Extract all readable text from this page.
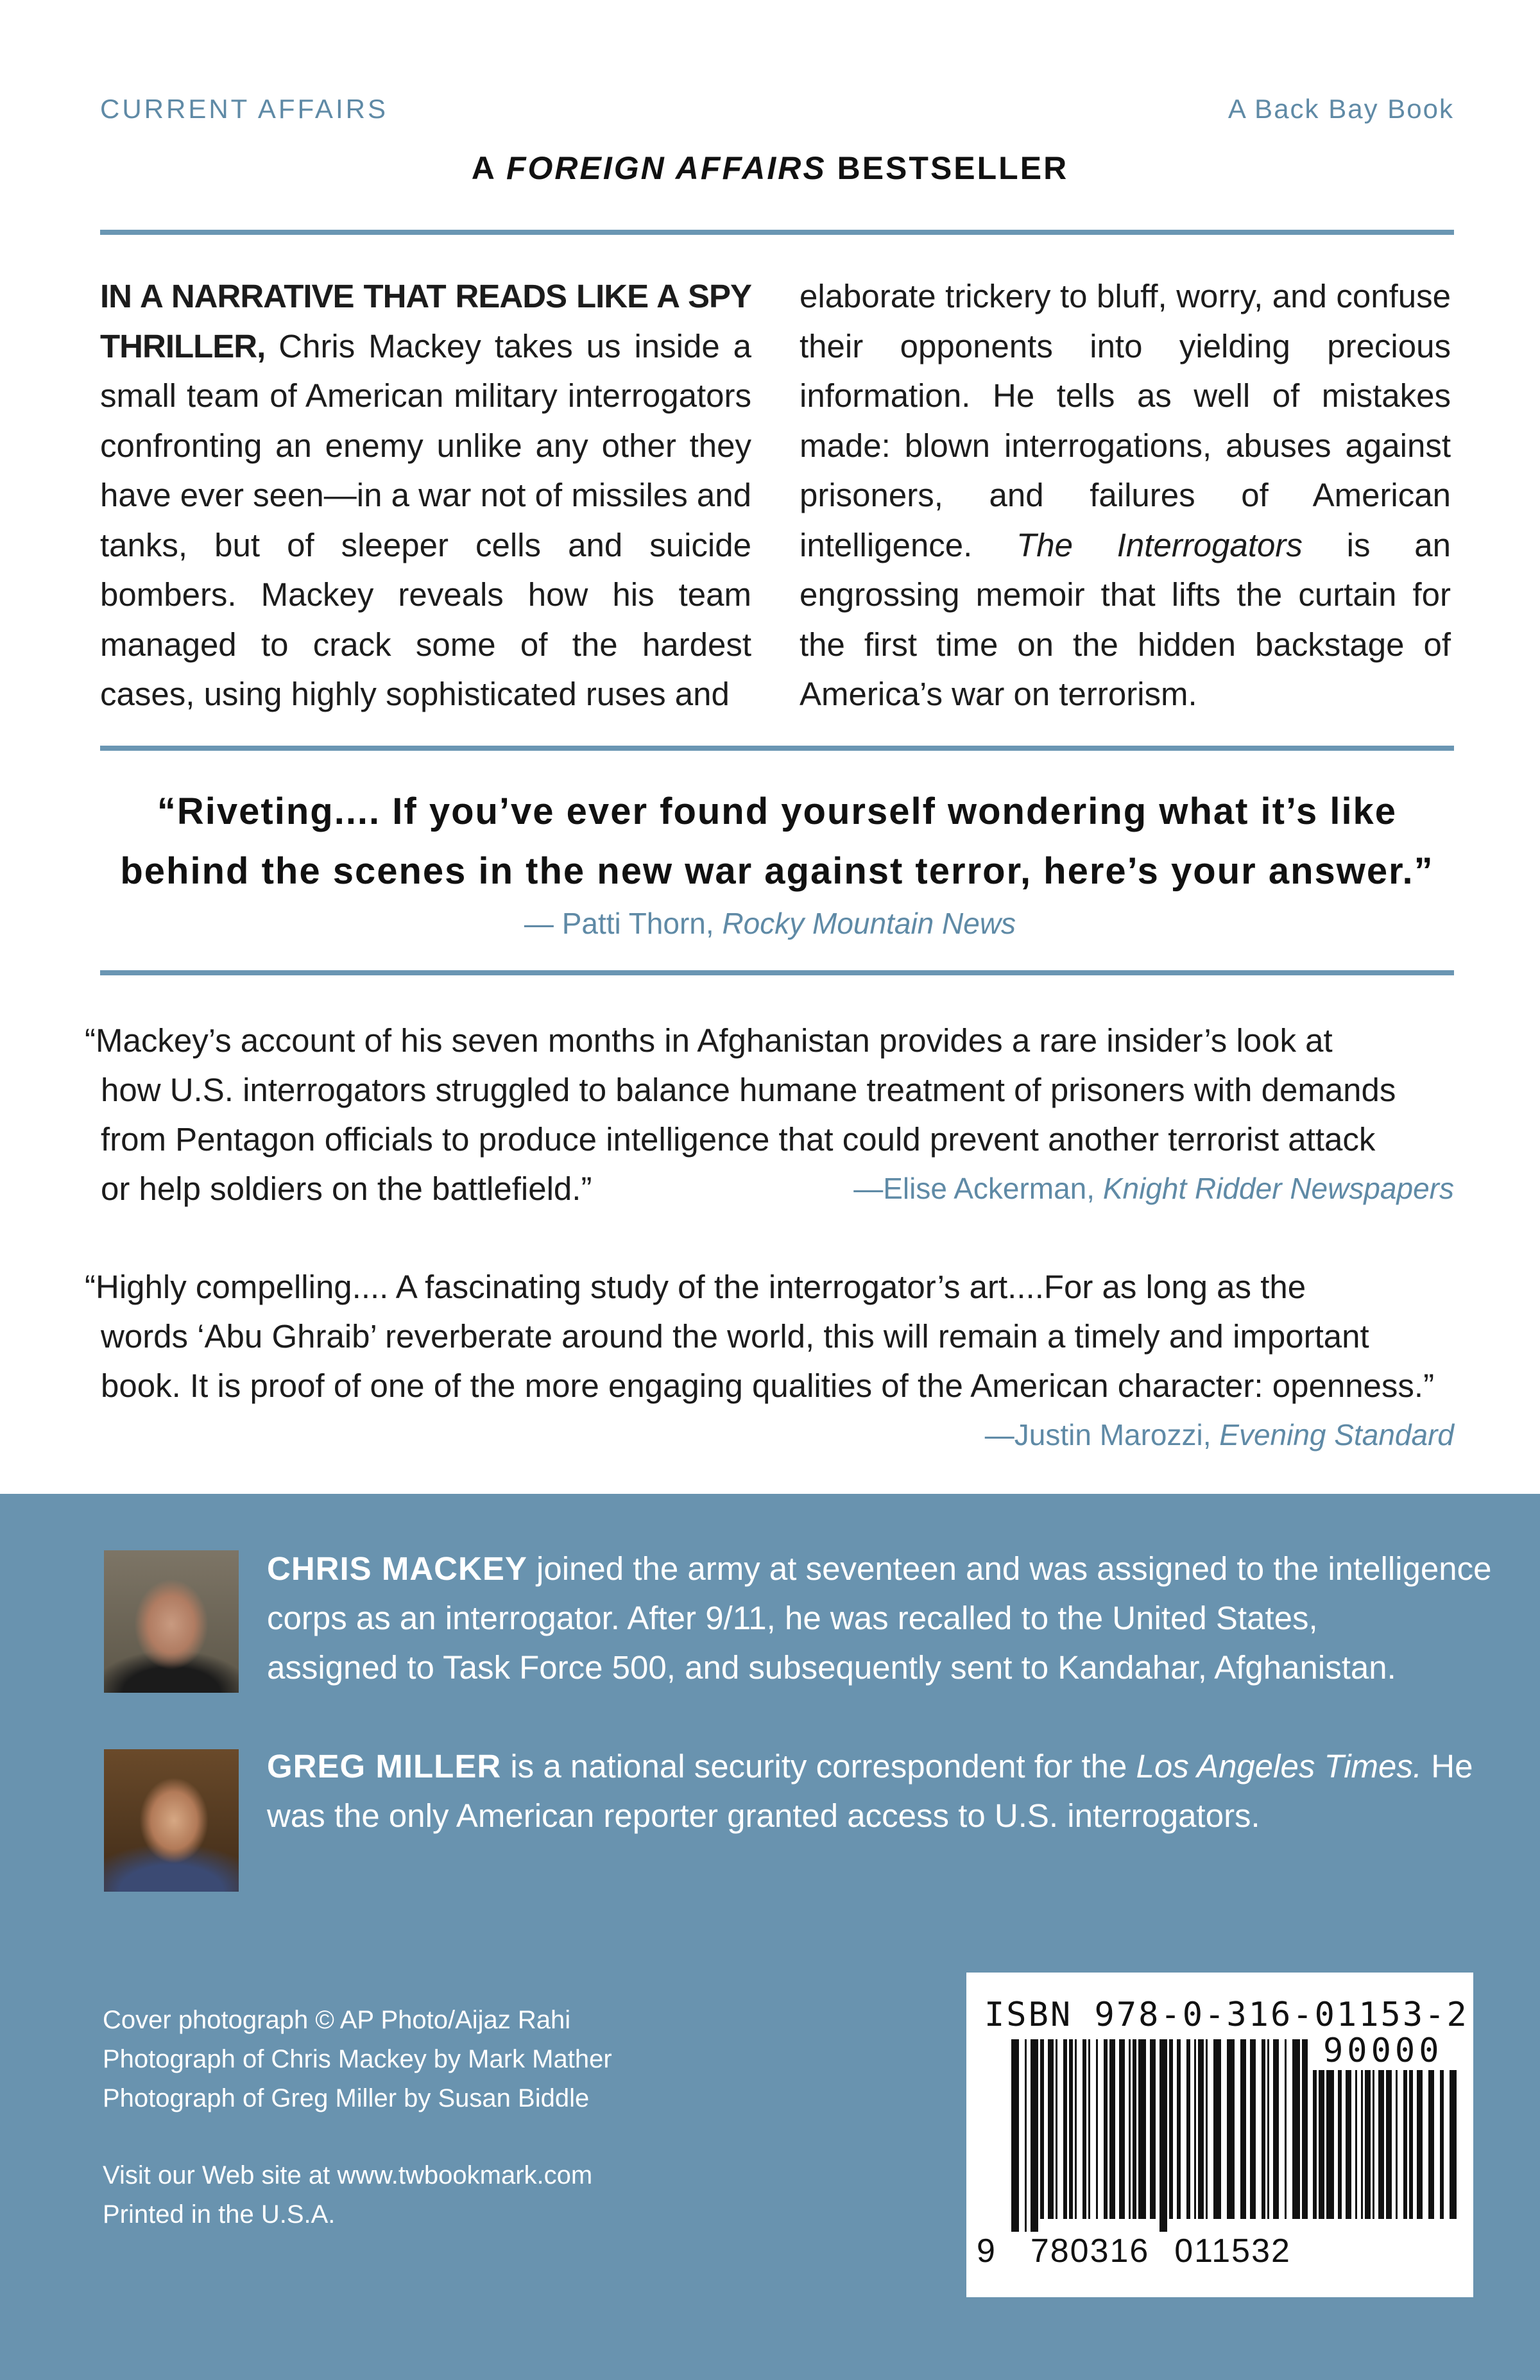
CURRENT AFFAIRS	A Back Bay Book
A FOREIGN AFFAIRS BESTSELLER
IN A NARRATIVE THAT READS LIKE A SPY THRILLER, Chris Mackey takes us inside a small team of American military interrogators confronting an enemy unlike any other they have ever seen—in a war not of missiles and tanks, but of sleeper cells and suicide bombers. Mackey reveals how his team managed to crack some of the hardest cases, using highly sophisticated ruses and
elaborate trickery to bluff, worry, and confuse their opponents into yielding precious information. He tells as well of mistakes made: blown interrogations, abuses against prisoners, and failures of American intelligence. The Interrogators is an engrossing memoir that lifts the curtain for the first time on the hidden backstage of America’s war on terrorism.
“Riveting.... If you’ve ever found yourself wondering what it’s like
behind the scenes in the new war against terror, here’s your answer.”
— Patti Thorn, Rocky Mountain News
“Mackey’s account of his seven months in Afghanistan provides a rare insider’s look at
how U.S. interrogators struggled to balance humane treatment of prisoners with demands
from Pentagon officials to produce intelligence that could prevent another terrorist attack
or help soldiers on the battlefield.”	—Elise Ackerman, Knight Ridder Newspapers
“Highly compelling.... A fascinating study of the interrogator’s art....For as long as the
words ‘Abu Ghraib’ reverberate around the world, this will remain a timely and important
book. It is proof of one of the more engaging qualities of the American character: openness.”
—Justin Marozzi, Evening Standard
CHRIS MACKEY joined the army at seventeen and was assigned to the intelligence
corps as an interrogator. After 9/11, he was recalled to the United States,
assigned to Task Force 500, and subsequently sent to Kandahar, Afghanistan.
GREG MILLER is a national security correspondent for the Los Angeles Times. He
was the only American reporter granted access to U.S. interrogators.
Cover photograph © AP Photo/Aijaz Rahi
Photograph of Chris Mackey by Mark Mather
Photograph of Greg Miller by Susan Biddle
Visit our Web site at www.twbookmark.com
Printed in the U.S.A.
ISBN 978-0-316-01153-2
90000
9 780316 011532
